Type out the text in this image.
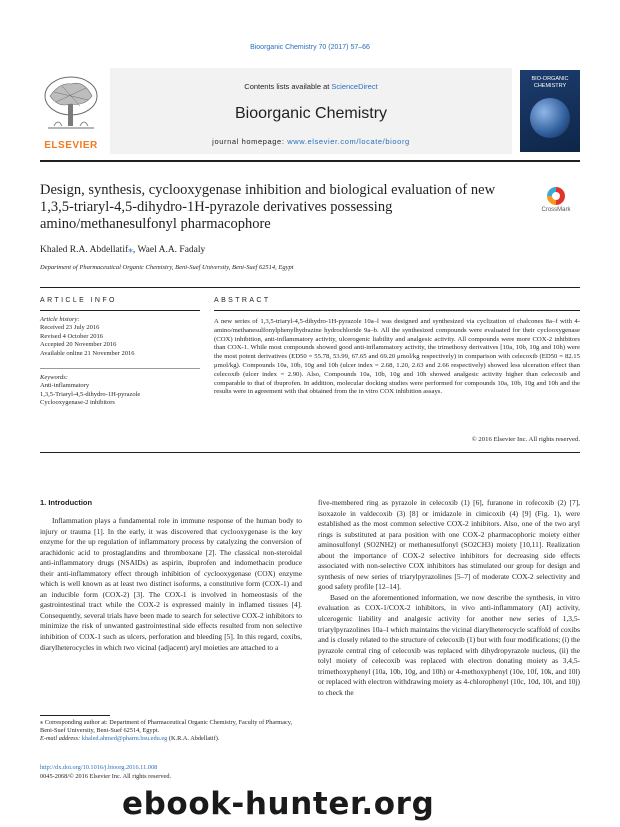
Bioorganic Chemistry 70 (2017) 57–66
ELSEVIER
Contents lists available at ScienceDirect
Bioorganic Chemistry
journal homepage: www.elsevier.com/locate/bioorg
BIO-ORGANIC CHEMISTRY
Design, synthesis, cyclooxygenase inhibition and biological evaluation of new 1,3,5-triaryl-4,5-dihydro-1H-pyrazole derivatives possessing amino/methanesulfonyl pharmacophore
CrossMark
Khaled R.A. Abdellatif⁎, Wael A.A. Fadaly
Department of Pharmaceutical Organic Chemistry, Beni-Suef University, Beni-Suef 62514, Egypt
ARTICLE INFO
Article history:
Received 23 July 2016
Revised 4 October 2016
Accepted 20 November 2016
Available online 21 November 2016
Keywords:
Anti-inflammatory
1,3,5-Triaryl-4,5-dihydro-1H-pyrazole
Cyclooxygenase-2 inhibitors
ABSTRACT
A new series of 1,3,5-triaryl-4,5-dihydro-1H-pyrazole 10a–l was designed and synthesized via cyclization of chalcones 8a–f with 4-amino/methanesulfonylphenylhydrazine hydrochloride 9a–b. All the synthesized compounds were evaluated for their cyclooxygenase (COX) inhibition, anti-inflammatory activity, ulcerogenic liability and analgesic activity. All compounds were more COX-2 inhibitors than COX-1. While most compounds showed good anti-inflammatory activity, the trimethoxy derivatives [10a, 10b, 10g and 10h) were the most potent derivatives (ED50 = 55.78, 53.99, 67.65 and 69.20 μmol/kg respectively) in comparison with celecoxib (ED50 = 82.15 μmol/kg). Compounds 10a, 10b, 10g and 10h (ulcer index = 2.68, 1.20, 2.63 and 2.66 respectively) showed less ulceration effect than celecoxib (ulcer index = 2.90). Also, Compounds 10a, 10b, 10g and 10h showed analgesic activity higher than celecoxib and comparable to that of ibuprofen. In addition, molecular docking studies were performed for compounds 10a, 10b, 10g and 10h and the results were in agreement with that obtained from the in vitro COX inhibition assays.
© 2016 Elsevier Inc. All rights reserved.
1. Introduction

Inflammation plays a fundamental role in immune response of the human body to injury or trauma [1]. In the early, it was discovered that cyclooxygenase is the key enzyme for the up regulation of inflammatory process by catalyzing the conversion of arachidonic acid to prostaglandins and thromboxane [2]. The classical non-steroidal anti-inflammatory drugs (NSAIDs) as aspirin, ibuprofen and indomethacin produce their anti-inflammatory effect through inhibition of cyclooxygenase (COX) enzyme which is well known as at least two distinct isoforms, a constitutive form (COX-1) and an inducible form (COX-2) [3]. The COX-1 is involved in homeostasis of the gastrointestinal tract while the COX-2 is expressed mainly in inflamed tissues [4]. Consequently, several trials have been made to search for selective COX-2 inhibitors to minimize the risk of unwanted gastrointestinal side effects resulted from non selective inhibition of COX-1 such as ulcers, perforation and bleeding [5]. In this regard, coxibs, diarylheterocycles in which two vicinal (adjacent) aryl moieties are attached to a

five-membered ring as pyrazole in celecoxib (1) [6], furanone in rofecoxib (2) [7], isoxazole in valdecoxib (3) [8] or imidazole in cimicoxib (4) [9] (Fig. 1), were established as the most common selective COX-2 inhibitors. Also, one of the two aryl rings is substituted at para position with one COX-2 pharmacophoric moiety either aminosulfonyl (SO2NH2) or methanesulfonyl (SO2CH3) moiety [10,11]. Realization about the importance of COX-2 selective inhibitors for decreasing side effects associated with non-selective COX inhibitors has stimulated our group for design and synthesis of new series of triarylpyrazolines [5–7] of moderate COX-2 selectivity and good safety profile [12–14].

Based on the aforementioned information, we now describe the synthesis, in vitro evaluation as COX-1/COX-2 inhibitors, in vivo anti-inflammatory (AI) activity, ulcerogenic liability and analgesic activity for another new series of 1,3,5-triarylpyrazolines 10a–l which maintains the vicinal diarylheterocycle scaffold of coxibs and is closely related to the structure of celecoxib (1) but with four modifications; (i) the pyrazole central ring of celecoxib was replaced with dihydropyrazole nucleus, (ii) the tolyl moiety of celecoxib was replaced with electron donating moiety as 3,4,5-trimethoxyphenyl (10a, 10b, 10g, and 10h) or 4-methoxyphenyl (10e, 10f, 10k, and 10l) or replaced with electron withdrawing moiety as 4-chlorophenyl (10c, 10d, 10i, and 10j) to check the

⁎ Corresponding author at: Department of Pharmaceutical Organic Chemistry, Faculty of Pharmacy, Beni-Suef University, Beni-Suef 62514, Egypt.
E-mail address: khaled.ahmed@pharm.bsu.edu.eg (K.R.A. Abdellatif).
http://dx.doi.org/10.1016/j.bioorg.2016.11.008
0045-2068/© 2016 Elsevier Inc. All rights reserved.
ebook-hunter.org
